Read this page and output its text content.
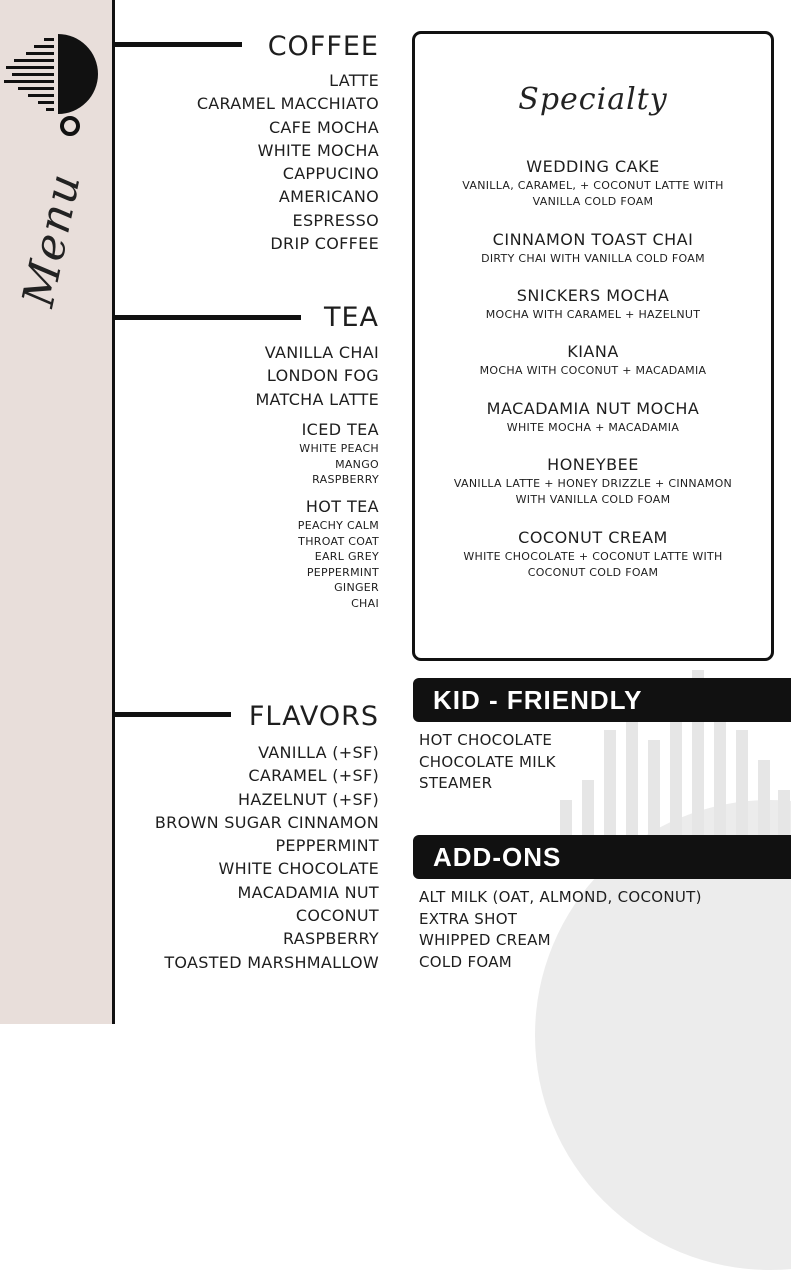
Menu
COFFEE
LATTE
CARAMEL MACCHIATO
CAFE MOCHA
WHITE MOCHA
CAPPUCINO
AMERICANO
ESPRESSO
DRIP COFFEE
TEA
VANILLA CHAI
LONDON FOG
MATCHA LATTE
ICED TEA
WHITE PEACH
MANGO
RASPBERRY
HOT TEA
PEACHY CALM
THROAT COAT
EARL GREY
PEPPERMINT
GINGER
CHAI
FLAVORS
VANILLA (+SF)
CARAMEL (+SF)
HAZELNUT (+SF)
BROWN SUGAR CINNAMON
PEPPERMINT
WHITE CHOCOLATE
MACADAMIA NUT
COCONUT
RASPBERRY
TOASTED MARSHMALLOW
Specialty
WEDDING CAKE
VANILLA, CARAMEL, + COCONUT LATTE WITH
VANILLA COLD FOAM
CINNAMON TOAST CHAI
DIRTY CHAI WITH VANILLA COLD FOAM
SNICKERS MOCHA
MOCHA WITH CARAMEL + HAZELNUT
KIANA
MOCHA WITH COCONUT + MACADAMIA
MACADAMIA NUT MOCHA
WHITE MOCHA + MACADAMIA
HONEYBEE
VANILLA LATTE + HONEY DRIZZLE + CINNAMON
WITH VANILLA COLD FOAM
COCONUT CREAM
WHITE CHOCOLATE + COCONUT LATTE WITH
COCONUT COLD FOAM
KID - FRIENDLY
HOT CHOCOLATE
CHOCOLATE MILK
STEAMER
ADD-ONS
ALT MILK (OAT, ALMOND, COCONUT)
EXTRA SHOT
WHIPPED CREAM
COLD FOAM
